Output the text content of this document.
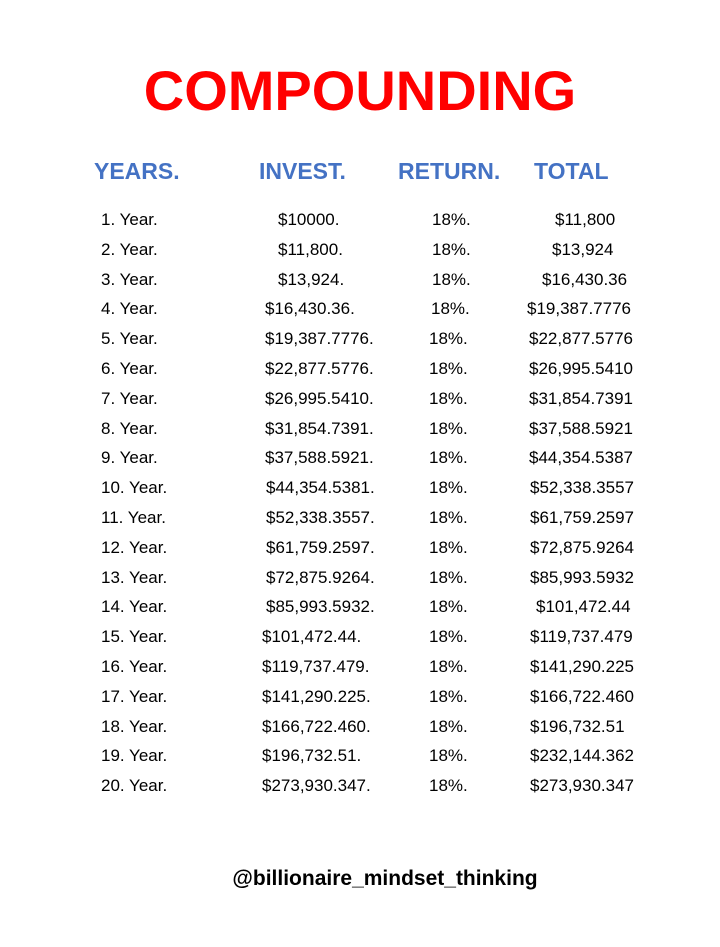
COMPOUNDING
YEARS.	INVEST. RETURN. TOTAL
1. Year.	$10000.	18%.	$11,800
2. Year.	$11,800.	18%.	$13,924
3. Year.	$13,924.	18%.	$16,430.36
4. Year.	$16,430.36.	18%.	$19,387.7776
5. Year.	$19,387.7776.	18%.	$22,877.5776
6. Year.	$22,877.5776.	18%.	$26,995.5410
7. Year.	$26,995.5410.	18%.	$31,854.7391
8. Year.	$31,854.7391.	18%.	$37,588.5921
9. Year.	$37,588.5921.	18%.	$44,354.5387
10. Year.	$44,354.5381.	18%.	$52,338.3557
11. Year.	$52,338.3557.	18%.	$61,759.2597
12. Year.	$61,759.2597.	18%.	$72,875.9264
13. Year.	$72,875.9264.	18%.	$85,993.5932
14. Year.	$85,993.5932.	18%.	$101,472.44
15. Year.	$101,472.44.	18%.	$119,737.479
16. Year.	$119,737.479.	18%.	$141,290.225
17. Year.	$141,290.225.	18%.	$166,722.460
18. Year.	$166,722.460.	18%.	$196,732.51
19. Year.	$196,732.51.	18%.	$232,144.362
20. Year.	$273,930.347.	18%.	$273,930.347
@billionaire_mindset_thinking
